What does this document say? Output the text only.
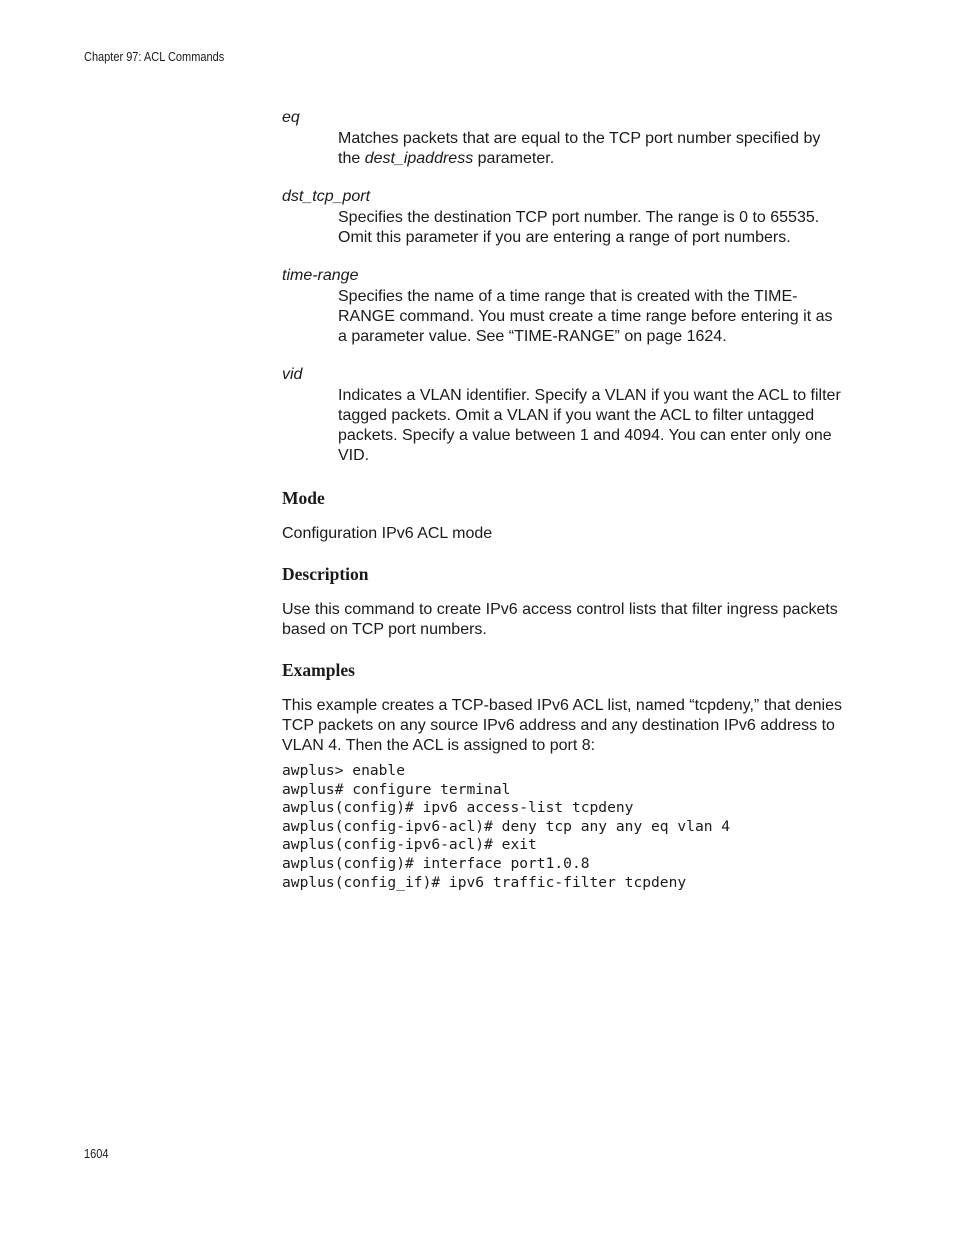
Chapter 97: ACL Commands

eq

Matches packets that are equal to the TCP port number specified by the dest_ipaddress parameter.

dst_tcp_port

Specifies the destination TCP port number. The range is 0 to 65535. Omit this parameter if you are entering a range of port numbers.

time-range

Specifies the name of a time range that is created with the TIME-RANGE command. You must create a time range before entering it as a parameter value. See “TIME-RANGE” on page 1624.

vid

Indicates a VLAN identifier. Specify a VLAN if you want the ACL to filter tagged packets. Omit a VLAN if you want the ACL to filter untagged packets. Specify a value between 1 and 4094. You can enter only one VID.

Mode

Configuration IPv6 ACL mode

Description

Use this command to create IPv6 access control lists that filter ingress packets based on TCP port numbers.

Examples

This example creates a TCP-based IPv6 ACL list, named “tcpdeny,” that denies TCP packets on any source IPv6 address and any destination IPv6 address to VLAN 4. Then the ACL is assigned to port 8:

awplus> enable
awplus# configure terminal
awplus(config)# ipv6 access-list tcpdeny
awplus(config-ipv6-acl)# deny tcp any any eq vlan 4
awplus(config-ipv6-acl)# exit
awplus(config)# interface port1.0.8
awplus(config_if)# ipv6 traffic-filter tcpdeny
1604
